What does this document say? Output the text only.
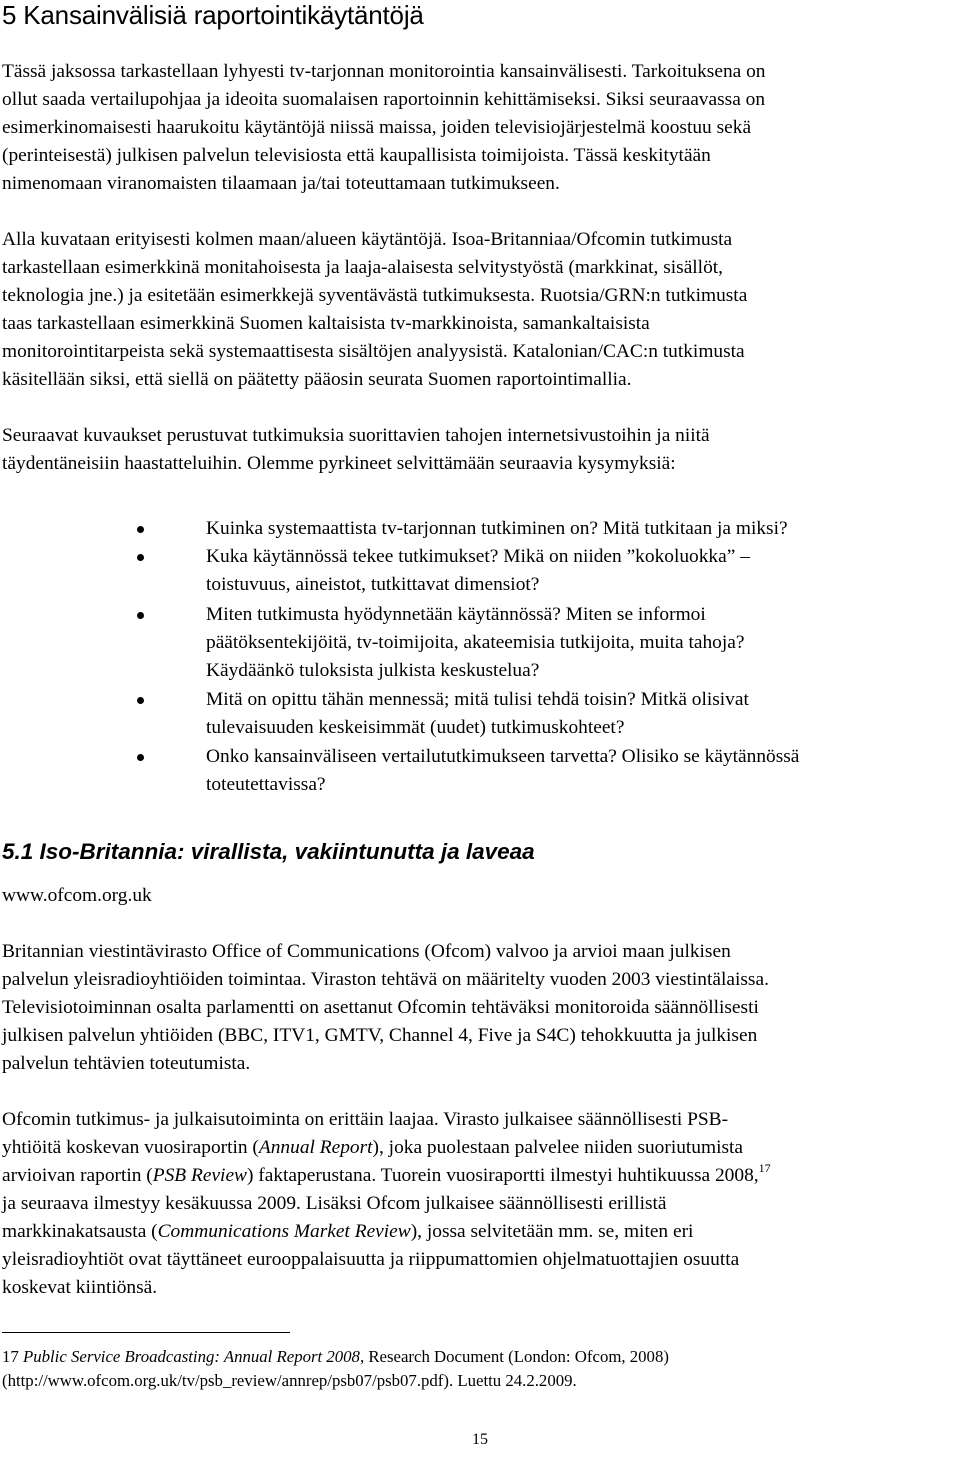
5 Kansainvälisiä raportointikäytäntöjä

Tässä jaksossa tarkastellaan lyhyesti tv-tarjonnan monitorointia kansainvälisesti. Tarkoituksena on
ollut saada vertailupohjaa ja ideoita suomalaisen raportoinnin kehittämiseksi. Siksi seuraavassa on
esimerkinomaisesti haarukoitu käytäntöjä niissä maissa, joiden televisiojärjestelmä koostuu sekä
(perinteisestä) julkisen palvelun televisiosta että kaupallisista toimijoista. Tässä keskitytään
nimenomaan viranomaisten tilaamaan ja/tai toteuttamaan tutkimukseen.

Alla kuvataan erityisesti kolmen maan/alueen käytäntöjä. Isoa-Britanniaa/Ofcomin tutkimusta
tarkastellaan esimerkkinä monitahoisesta ja laaja-alaisesta selvitystyöstä (markkinat, sisällöt,
teknologia jne.) ja esitetään esimerkkejä syventävästä tutkimuksesta. Ruotsia/GRN:n tutkimusta
taas tarkastellaan esimerkkinä Suomen kaltaisista tv-markkinoista, samankaltaisista
monitorointitarpeista sekä systemaattisesta sisältöjen analyysistä. Katalonian/CAC:n tutkimusta
käsitellään siksi, että siellä on päätetty pääosin seurata Suomen raportointimallia.

Seuraavat kuvaukset perustuvat tutkimuksia suorittavien tahojen internetsivustoihin ja niitä
täydentäneisiin haastatteluihin. Olemme pyrkineet selvittämään seuraavia kysymyksiä:

Kuinka systemaattista tv-tarjonnan tutkiminen on? Mitä tutkitaan ja miksi?
Kuka käytännössä tekee tutkimukset? Mikä on niiden ”kokoluokka” –
toistuvuus, aineistot, tutkittavat dimensiot?
Miten tutkimusta hyödynnetään käytännössä? Miten se informoi
päätöksentekijöitä, tv-toimijoita, akateemisia tutkijoita, muita tahoja?
Käydäänkö tuloksista julkista keskustelua?
Mitä on opittu tähän mennessä; mitä tulisi tehdä toisin? Mitkä olisivat
tulevaisuuden keskeisimmät (uudet) tutkimuskohteet?
Onko kansainväliseen vertailututkimukseen tarvetta? Olisiko se käytännössä
toteutettavissa?
5.1 Iso-Britannia: virallista, vakiintunutta ja laveaa

www.ofcom.org.uk

Britannian viestintävirasto Office of Communications (Ofcom) valvoo ja arvioi maan julkisen
palvelun yleisradioyhtiöiden toimintaa. Viraston tehtävä on määritelty vuoden 2003 viestintälaissa.
Televisiotoiminnan osalta parlamentti on asettanut Ofcomin tehtäväksi monitoroida säännöllisesti
julkisen palvelun yhtiöiden (BBC, ITV1, GMTV, Channel 4, Five ja S4C) tehokkuutta ja julkisen
palvelun tehtävien toteutumista.

Ofcomin tutkimus- ja julkaisutoiminta on erittäin laajaa. Virasto julkaisee säännöllisesti PSB-
yhtiöitä koskevan vuosiraportin (Annual Report), joka puolestaan palvelee niiden suoriutumista
arvioivan raportin (PSB Review) faktaperustana. Tuorein vuosiraportti ilmestyi huhtikuussa 2008,17
ja seuraava ilmestyy kesäkuussa 2009. Lisäksi Ofcom julkaisee säännöllisesti erillistä
markkinakatsausta (Communications Market Review), jossa selvitetään mm. se, miten eri
yleisradioyhtiöt ovat täyttäneet eurooppalaisuutta ja riippumattomien ohjelmatuottajien osuutta
koskevat kiintiönsä.

17 Public Service Broadcasting: Annual Report 2008, Research Document (London: Ofcom, 2008)
(http://www.ofcom.org.uk/tv/psb_review/annrep/psb07/psb07.pdf). Luettu 24.2.2009.

15
